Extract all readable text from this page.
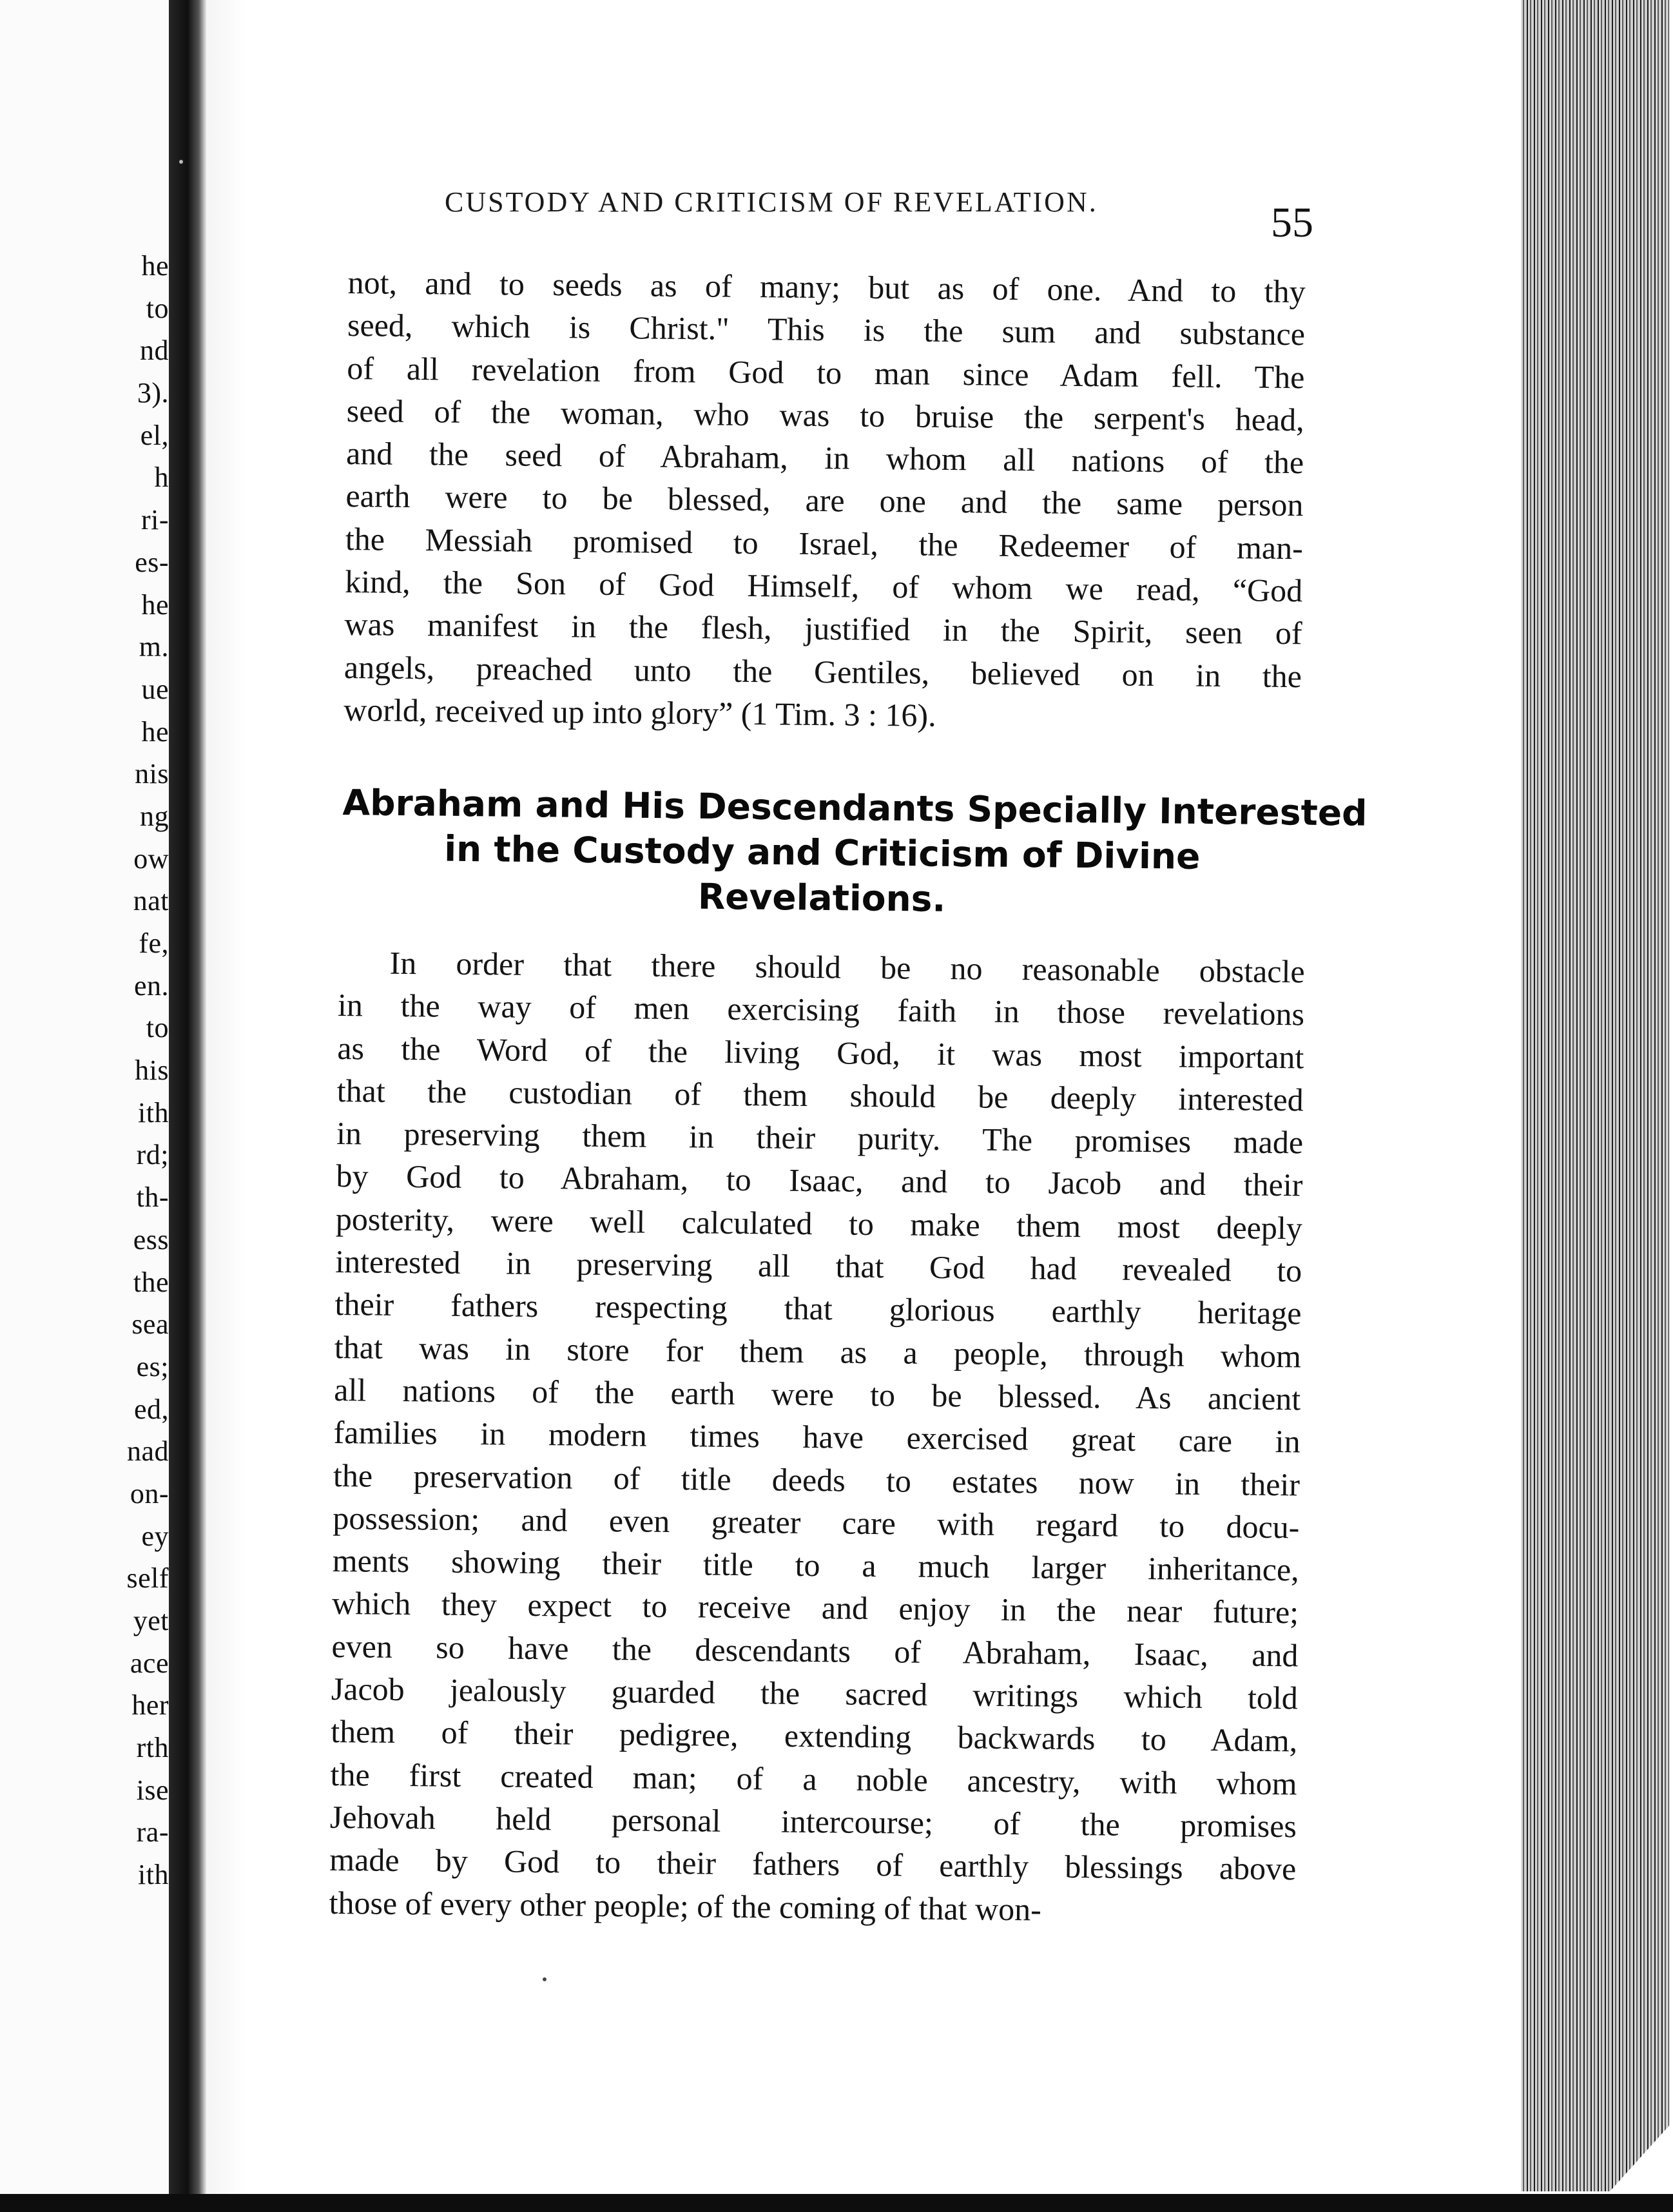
he
to
nd
3).
el,
h
ri-
es-
he
m.
ue
he
nis
ng
ow
nat
fe,
en.
to
his
ith
rd;
th-
ess
the
sea
es;
ed,
nad
on-
ey
self
yet
ace
her
rth
ise
ra-
ith
CUSTODY AND CRITICISM OF REVELATION.	55
not, and to seeds as of many; but as of one. And to thy
seed, which is Christ." This is the sum and substance
of all revelation from God to man since Adam fell. The
seed of the woman, who was to bruise the serpent's head,
and the seed of Abraham, in whom all nations of the
earth were to be blessed, are one and the same person
the Messiah promised to Israel, the Redeemer of man-
kind, the Son of God Himself, of whom we read, “God
was manifest in the flesh, justified in the Spirit, seen of
angels, preached unto the Gentiles, believed on in the
world, received up into glory” (1 Tim. 3 : 16).
Abraham and His Descendants Specially Interested
in the Custody and Criticism of Divine
Revelations.
In order that there should be no reasonable obstacle
in the way of men exercising faith in those revelations
as the Word of the living God, it was most important
that the custodian of them should be deeply interested
in preserving them in their purity. The promises made
by God to Abraham, to Isaac, and to Jacob and their
posterity, were well calculated to make them most deeply
interested in preserving all that God had revealed to
their fathers respecting that glorious earthly heritage
that was in store for them as a people, through whom
all nations of the earth were to be blessed. As ancient
families in modern times have exercised great care in
the preservation of title deeds to estates now in their
possession; and even greater care with regard to docu-
ments showing their title to a much larger inheritance,
which they expect to receive and enjoy in the near future;
even so have the descendants of Abraham, Isaac, and
Jacob jealously guarded the sacred writings which told
them of their pedigree, extending backwards to Adam,
the first created man; of a noble ancestry, with whom
Jehovah held personal intercourse; of the promises
made by God to their fathers of earthly blessings above
those of every other people; of the coming of that won-
